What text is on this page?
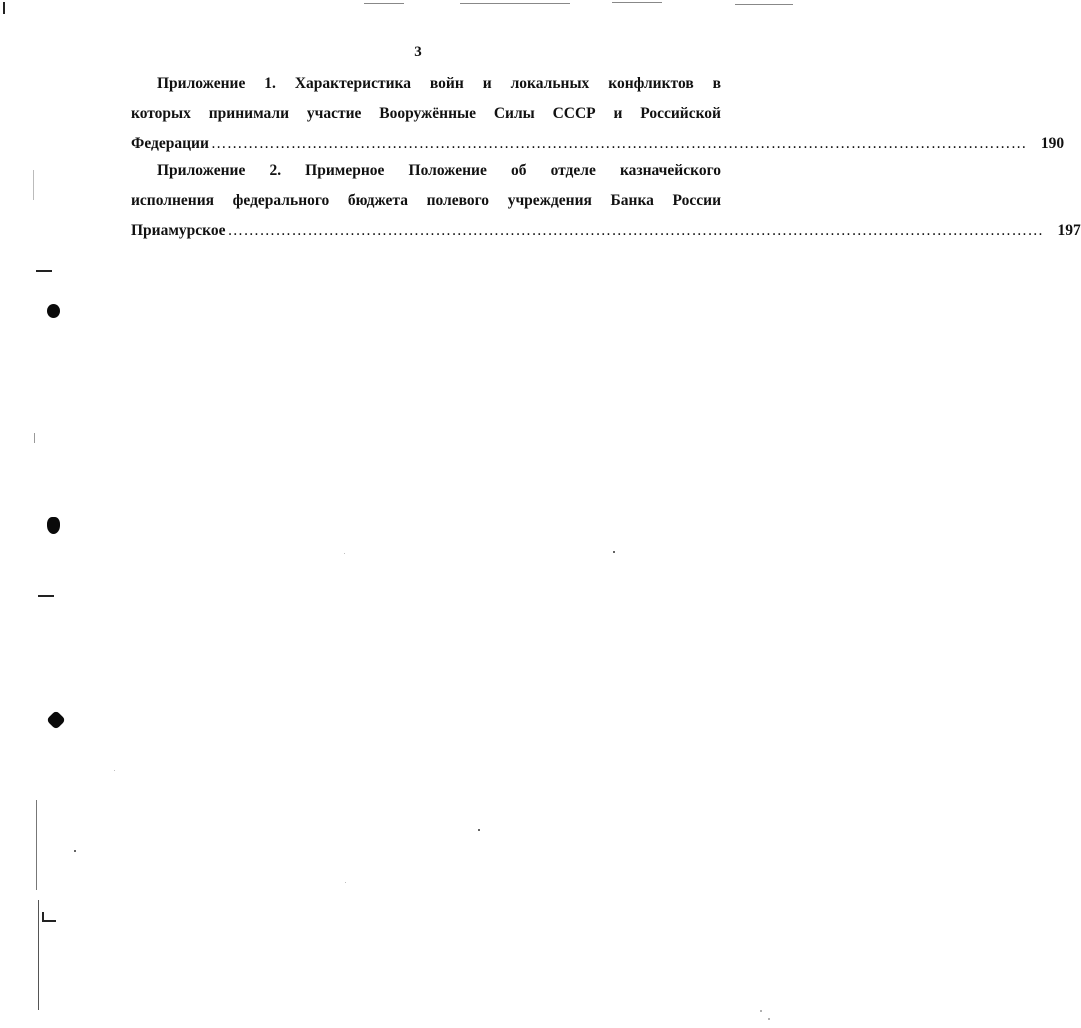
3
Приложение 1. Характеристика войн и локальных конфликтов в
которых принимали участие Вооружённые Силы СССР и Российской
Федерации ……………………………………………………………………………………………………………………………………… 190
Приложение 2. Примерное Положение об отделе казначейского
исполнения федерального бюджета полевого учреждения Банка России
Приамурское ……………………………………………………………………………………………………………………………………… 197
